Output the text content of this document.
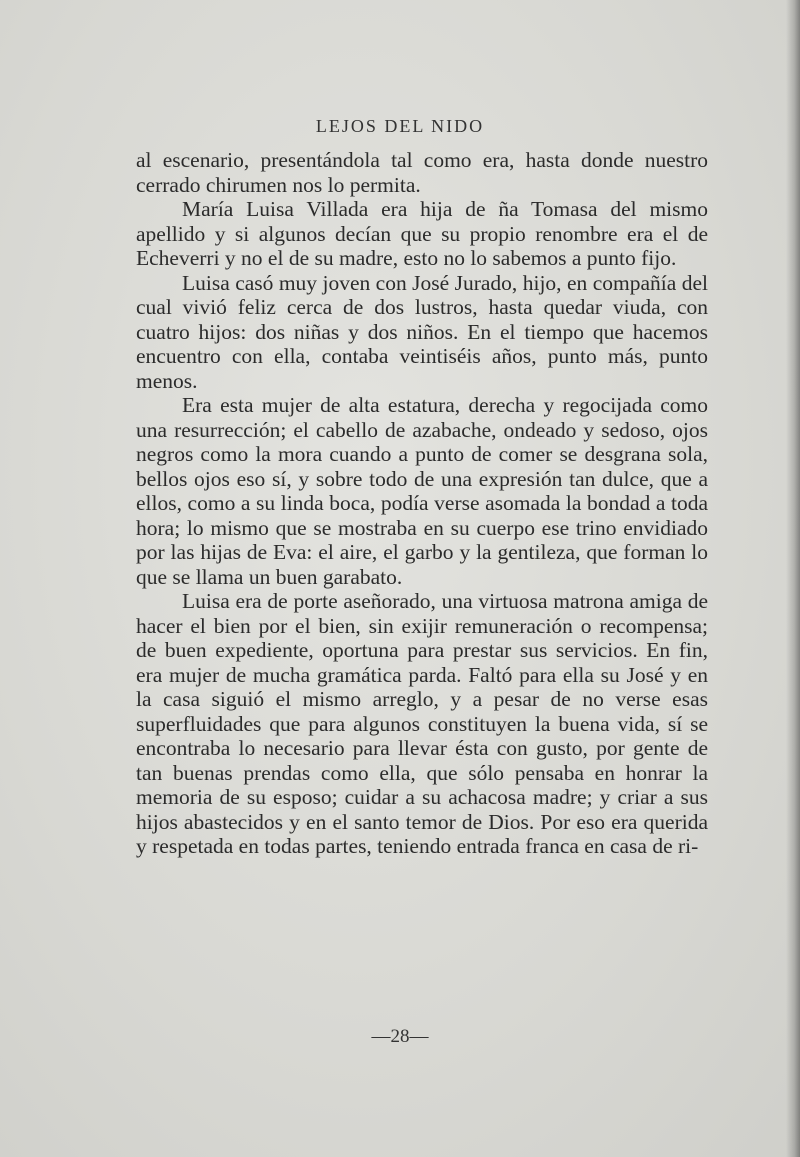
LEJOS DEL NIDO

al escenario, presentándola tal como era, hasta donde nuestro cerrado chirumen nos lo permita.

María Luisa Villada era hija de ña Tomasa del mismo apellido y si algunos decían que su propio renombre era el de Echeverri y no el de su madre, esto no lo sabemos a punto fijo.

Luisa casó muy joven con José Jurado, hijo, en compañía del cual vivió feliz cerca de dos lustros, hasta quedar viuda, con cuatro hijos: dos niñas y dos niños. En el tiempo que hacemos encuentro con ella, contaba veintiséis años, punto más, punto menos.

Era esta mujer de alta estatura, derecha y regocijada como una resurrección; el cabello de azabache, ondeado y sedoso, ojos negros como la mora cuando a punto de comer se desgrana sola, bellos ojos eso sí, y sobre todo de una expresión tan dulce, que a ellos, como a su linda boca, podía verse asomada la bondad a toda hora; lo mismo que se mostraba en su cuerpo ese trino envidiado por las hijas de Eva: el aire, el garbo y la gentileza, que forman lo que se llama un buen garabato.

Luisa era de porte aseñorado, una virtuosa matrona amiga de hacer el bien por el bien, sin exijir remuneración o recompensa; de buen expediente, oportuna para prestar sus servicios. En fin, era mujer de mucha gramática parda. Faltó para ella su José y en la casa siguió el mismo arreglo, y a pesar de no verse esas superfluidades que para algunos constituyen la buena vida, sí se encontraba lo necesario para llevar ésta con gusto, por gente de tan buenas prendas como ella, que sólo pensaba en honrar la memoria de su esposo; cuidar a su achacosa madre; y criar a sus hijos abastecidos y en el santo temor de Dios. Por eso era querida y respetada en todas partes, teniendo entrada franca en casa de ri-

—28—
